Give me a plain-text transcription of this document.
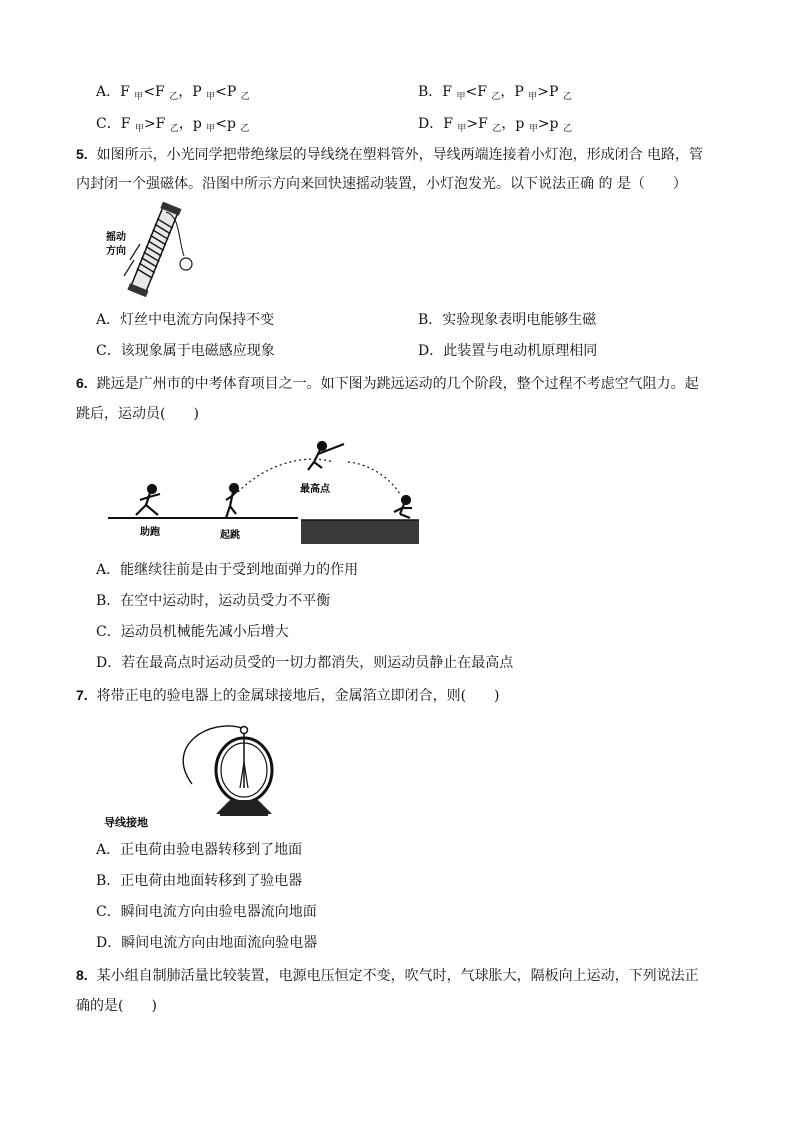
A．F $_甲$<F $_乙$，P $_甲$<P $_乙$	B．F $_甲$<F $_乙$，P $_甲$>P $_乙$
C．F $_甲$>F $_乙$，p $_甲$<p $_乙$	D．F $_甲$>F $_乙$，p $_甲$>p $_乙$
5. 如图所示，小光同学把带绝缘层的导线绕在塑料管外，导线两端连接着小灯泡，形成闭合 电路，管
内封闭一个强磁体。沿图中所示方向来回快速摇动装置，小灯泡发光。以下说法正确 的 是（　　）
摇动
方向
A．灯丝中电流方向保持不变	B．实验现象表明电能够生磁
C．该现象属于电磁感应现象	D．此装置与电动机原理相同
6. 跳远是广州市的中考体育项目之一。如下图为跳远运动的几个阶段，整个过程不考虑空气阻力。起
跳后，运动员(　　)
助跑	起跳
最高点
A．能继续往前是由于受到地面弹力的作用
B．在空中运动时，运动员受力不平衡
C．运动员机械能先减小后增大
D．若在最高点时运动员受的一切力都消失，则运动员静止在最高点
7. 将带正电的验电器上的金属球接地后，金属箔立即闭合，则(　　)
导线接地
A．正电荷由验电器转移到了地面
B．正电荷由地面转移到了验电器
C．瞬间电流方向由验电器流向地面
D．瞬间电流方向由地面流向验电器
8. 某小组自制肺活量比较装置，电源电压恒定不变，吹气时，气球胀大，隔板向上运动，下列说法正
确的是(　　)
